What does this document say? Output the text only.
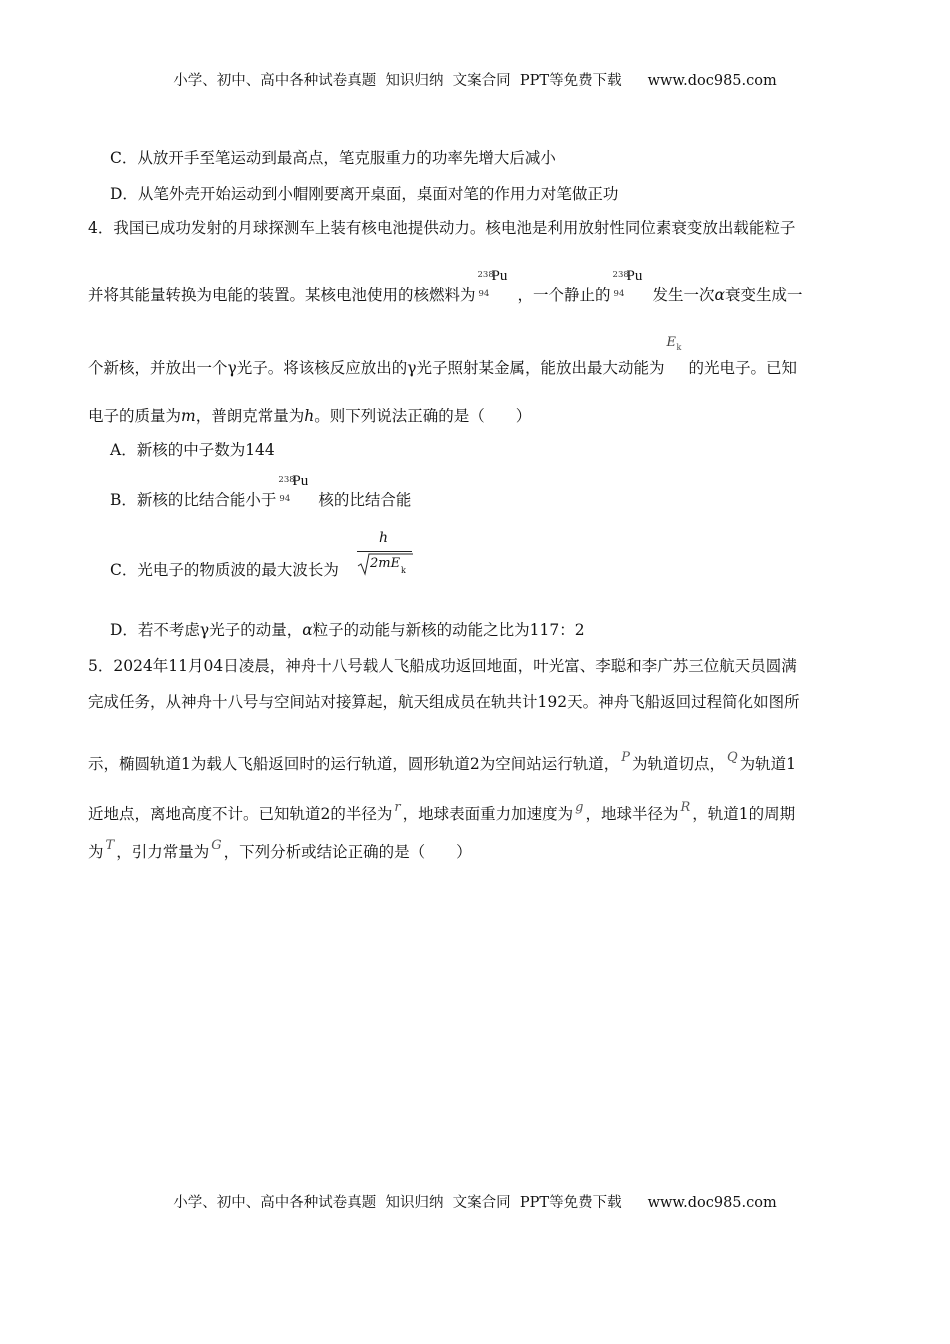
小学、初中、高中各种试卷真题  知识归纳  文案合同  PPT等免费下载 www.doc985.com
C．从放开手至笔运动到最高点，笔克服重力的功率先增大后减小
D．从笔外壳开始运动到小帽刚要离开桌面，桌面对笔的作用力对笔做正功
4．我国已成功发射的月球探测车上装有核电池提供动力。核电池是利用放射性同位素衰变放出载能粒子
并将其能量转换为电能的装置。某核电池使用的核燃料为
238
94
Pu
，一个静止的
238
94
Pu
发生一次α衰变生成一
个新核，并放出一个γ光子。将该核反应放出的γ光子照射某金属，能放出最大动能为
E k
的光电子。已知
电子的质量为m，普朗克常量为h。则下列说法正确的是（　　）
A．新核的中子数为144
B．新核的比结合能小于
238
94
Pu
核的比结合能
C．光电子的物质波的最大波长为
h
2mE k
D．若不考虑γ光子的动量，α粒子的动能与新核的动能之比为117：2
5．2024年11月04日凌晨，神舟十八号载人飞船成功返回地面，叶光富、李聪和李广苏三位航天员圆满
完成任务，从神舟十八号与空间站对接算起，航天组成员在轨共计192天。神舟飞船返回过程简化如图所
示，椭圆轨道1为载人飞船返回时的运行轨道，圆形轨道2为空间站运行轨道， P 为轨道切点， Q 为轨道1
近地点，离地高度不计。已知轨道2的半径为 r ，地球表面重力加速度为 g ，地球半径为 R ，轨道1的周期
为 T ，引力常量为 G ，下列分析或结论正确的是（　　）
小学、初中、高中各种试卷真题  知识归纳  文案合同  PPT等免费下载 www.doc985.com
